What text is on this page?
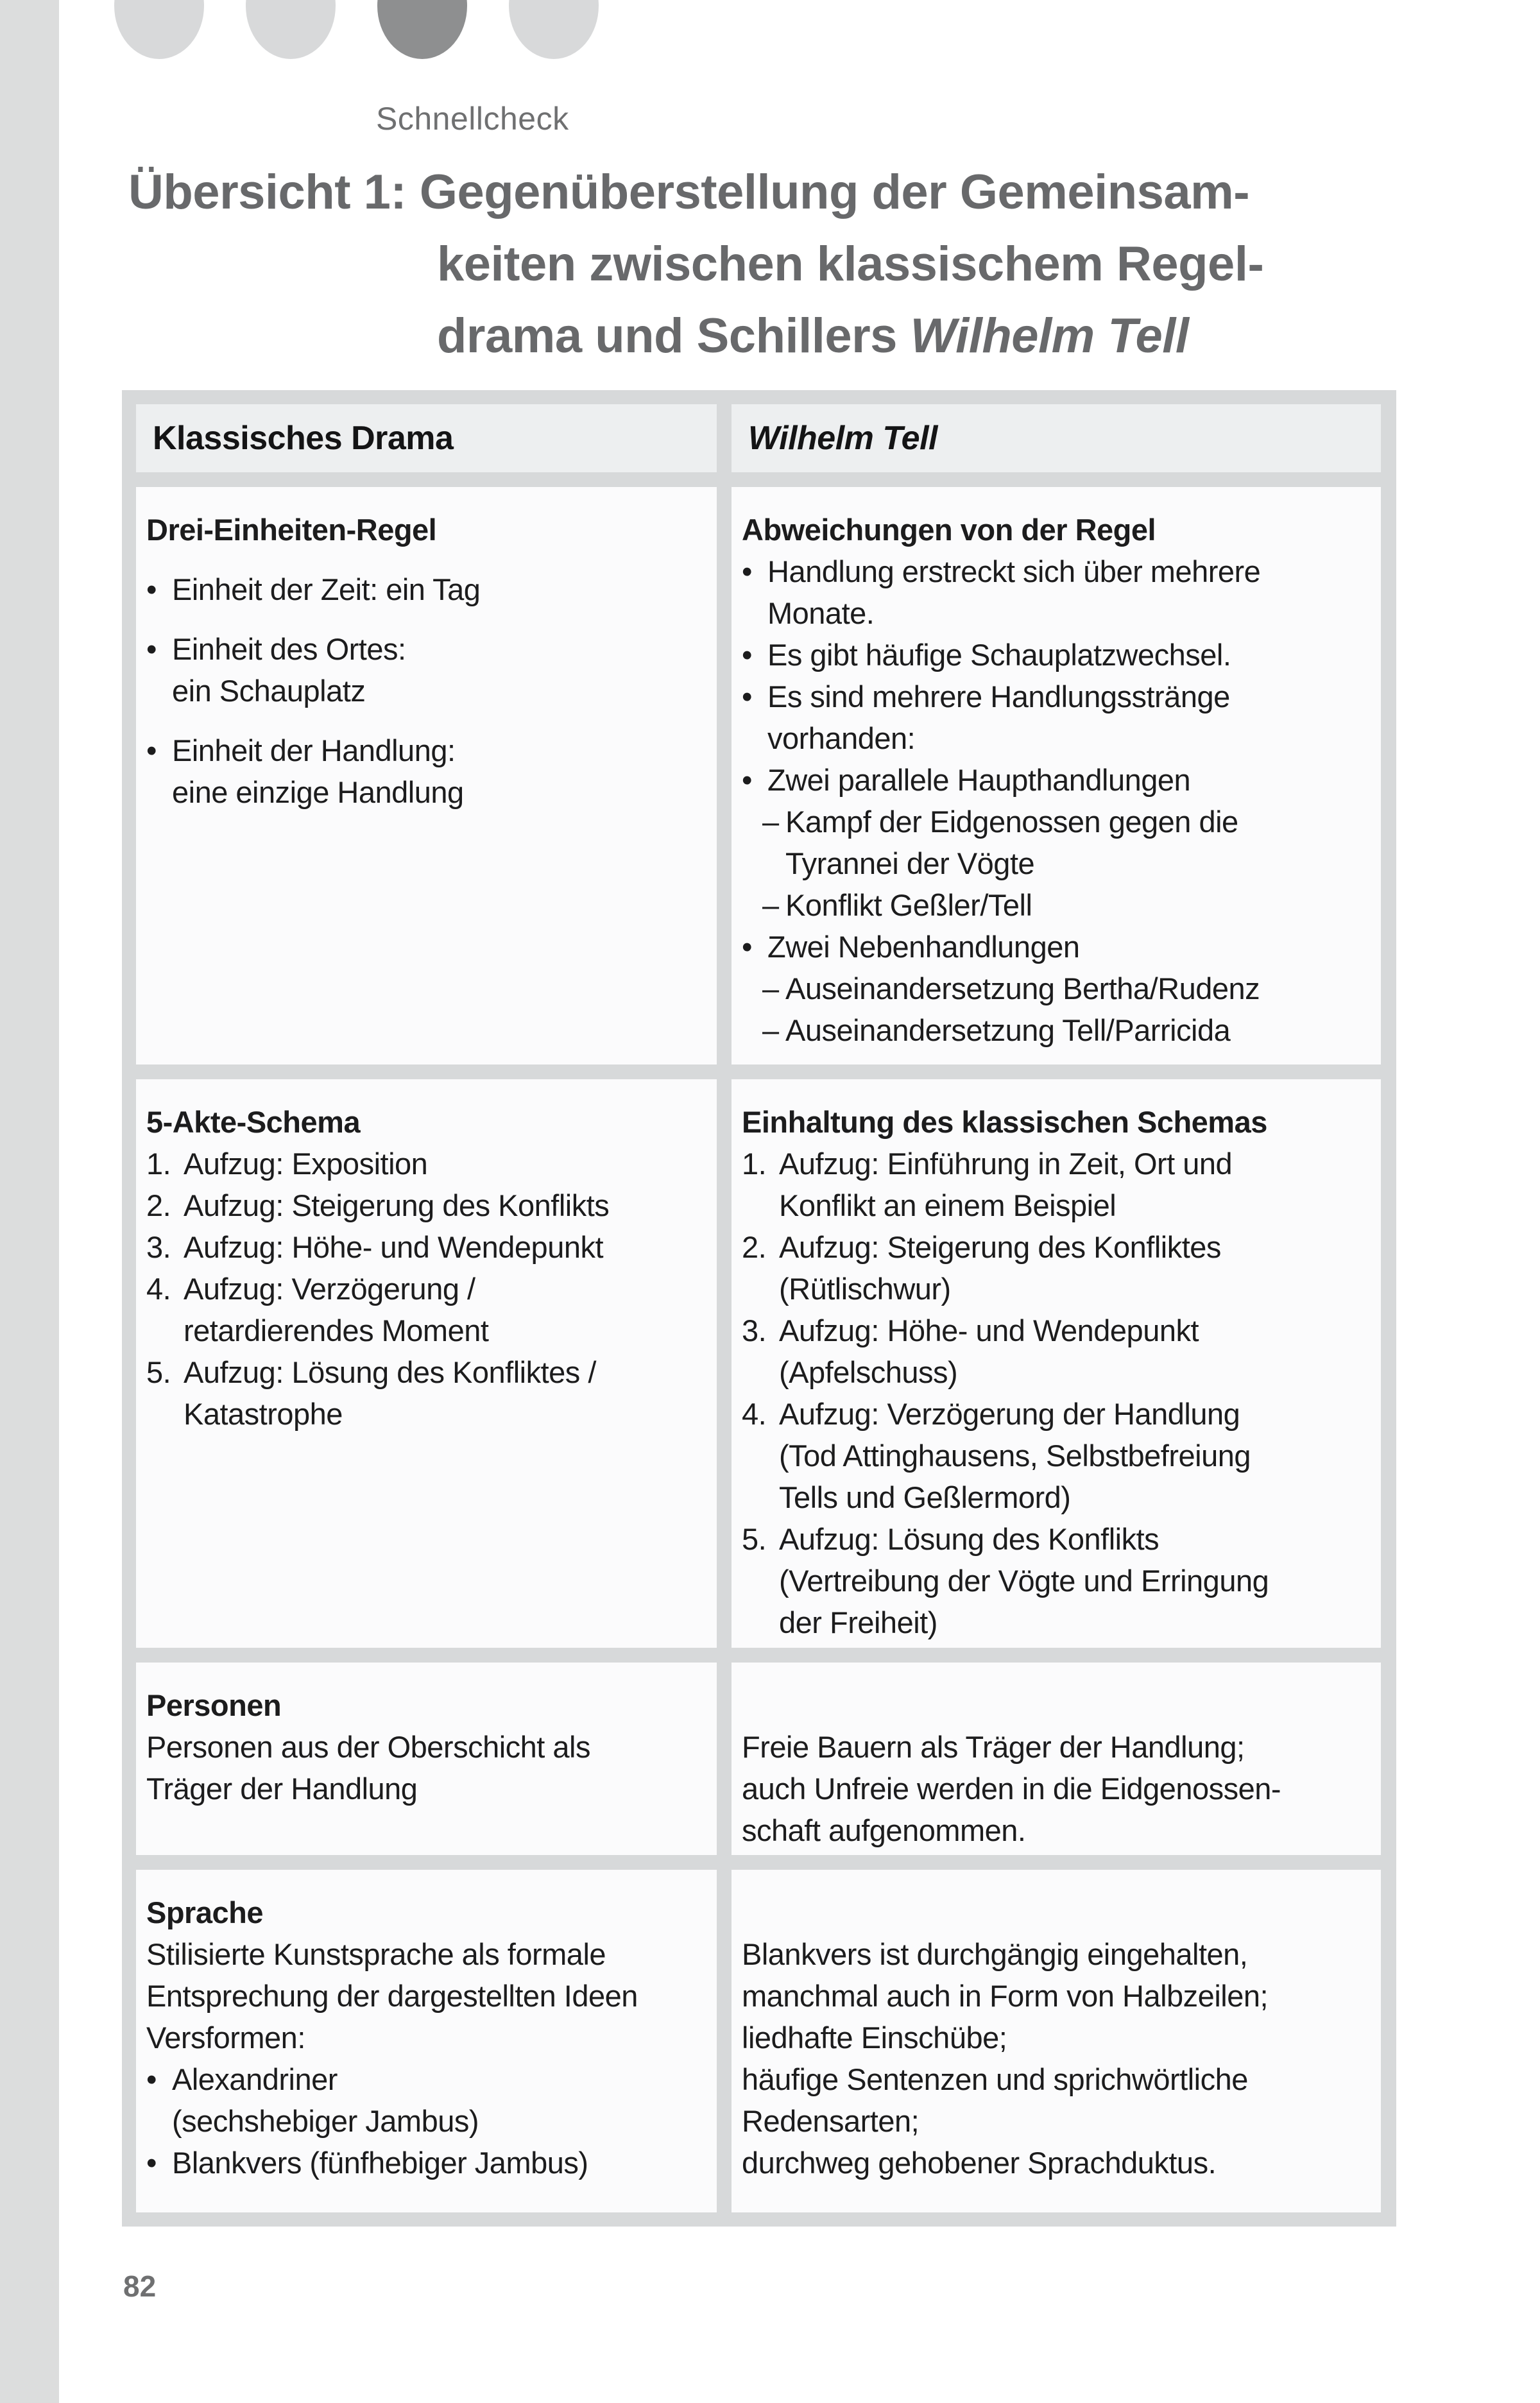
Schnellcheck
Übersicht 1: Gegenüberstellung der Gemeinsam-
keiten zwischen klassischem Regel-
drama und Schillers Wilhelm Tell
Klassisches Drama	Wilhelm Tell
Drei-Einheiten-Regel
• Einheit der Zeit: ein Tag
• Einheit des Ortes:
ein Schauplatz
• Einheit der Handlung:
eine einzige Handlung
Abweichungen von der Regel
• Handlung erstreckt sich über mehrere
Monate.
• Es gibt häufige Schauplatzwechsel.
• Es sind mehrere Handlungsstränge
vorhanden:
• Zwei parallele Haupthandlungen
– Kampf der Eidgenossen gegen die
Tyrannei der Vögte
– Konflikt Geßler/Tell
• Zwei Nebenhandlungen
– Auseinandersetzung Bertha/Rudenz
– Auseinandersetzung Tell/Parricida
5-Akte-Schema
1. Aufzug: Exposition
2. Aufzug: Steigerung des Konflikts
3. Aufzug: Höhe- und Wendepunkt
4. Aufzug: Verzögerung /
retardierendes Moment
5. Aufzug: Lösung des Konfliktes /
Katastrophe
Einhaltung des klassischen Schemas
1. Aufzug: Einführung in Zeit, Ort und
Konflikt an einem Beispiel
2. Aufzug: Steigerung des Konfliktes
(Rütlischwur)
3. Aufzug: Höhe- und Wendepunkt
(Apfelschuss)
4. Aufzug: Verzögerung der Handlung
(Tod Attinghausens, Selbstbefreiung
Tells und Geßlermord)
5. Aufzug: Lösung des Konflikts
(Vertreibung der Vögte und Erringung
der Freiheit)
Personen
Personen aus der Oberschicht als
Träger der Handlung
Freie Bauern als Träger der Handlung;
auch Unfreie werden in die Eidgenossen-
schaft aufgenommen.
Sprache
Stilisierte Kunstsprache als formale
Entsprechung der dargestellten Ideen
Versformen:
• Alexandriner
(sechshebiger Jambus)
• Blankvers (fünfhebiger Jambus)
Blankvers ist durchgängig eingehalten,
manchmal auch in Form von Halbzeilen;
liedhafte Einschübe;
häufige Sentenzen und sprichwörtliche
Redensarten;
durchweg gehobener Sprachduktus.
82
